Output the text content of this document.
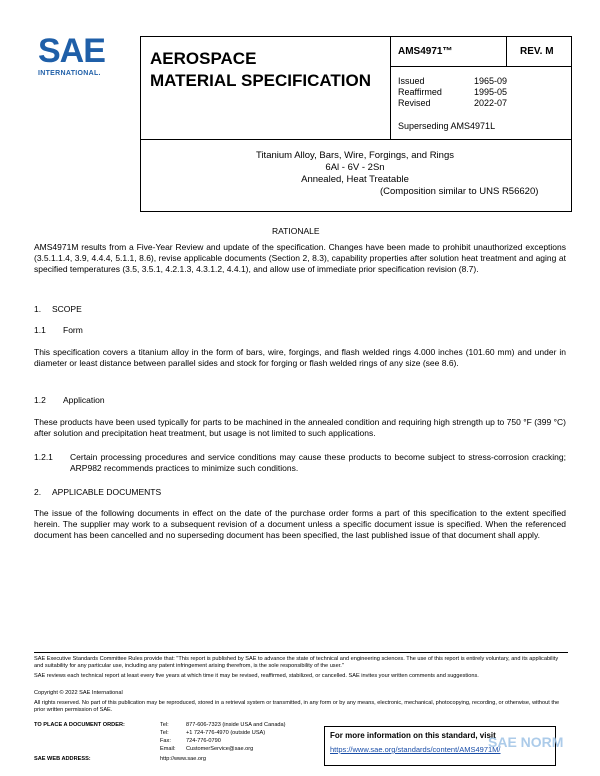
SAE
INTERNATIONAL.
AEROSPACE
MATERIAL SPECIFICATION
AMS4971™	REV. M
Issued	1965-09
Reaffirmed	1995-05
Revised	2022-07
Superseding AMS4971L
Titanium Alloy, Bars, Wire, Forgings, and Rings
6Al - 6V - 2Sn
Annealed, Heat Treatable
(Composition similar to UNS R56620)
RATIONALE
AMS4971M results from a Five-Year Review and update of the specification. Changes have been made to prohibit unauthorized exceptions (3.5.1.1.4, 3.9, 4.4.4, 5.1.1, 8.6), revise applicable documents (Section 2, 8.3), capability properties after solution heat treatment and aging at specified temperatures (3.5, 3.5.1, 4.2.1.3, 4.3.1.2, 4.4.1), and allow use of immediate prior specification revision (8.7).
1. SCOPE
1.1 Form
This specification covers a titanium alloy in the form of bars, wire, forgings, and flash welded rings 4.000 inches (101.60 mm) and under in diameter or least distance between parallel sides and stock for forging or flash welded rings of any size (see 8.6).
1.2 Application
These products have been used typically for parts to be machined in the annealed condition and requiring high strength up to 750 °F (399 °C) after solution and precipitation heat treatment, but usage is not limited to such applications.
1.2.1 Certain processing procedures and service conditions may cause these products to become subject to stress-corrosion cracking; ARP982 recommends practices to minimize such conditions.
2. APPLICABLE DOCUMENTS
The issue of the following documents in effect on the date of the purchase order forms a part of this specification to the extent specified herein. The supplier may work to a subsequent revision of a document unless a specific document issue is specified. When the referenced document has been cancelled and no superseding document has been specified, the last published issue of that document shall apply.
SAE Executive Standards Committee Rules provide that: "This report is published by SAE to advance the state of technical and engineering sciences. The use of this report is entirely voluntary, and its applicability and suitability for any particular use, including any patent infringement arising therefrom, is the sole responsibility of the user."
SAE reviews each technical report at least every five years at which time it may be revised, reaffirmed, stabilized, or cancelled. SAE invites your written comments and suggestions.
Copyright © 2022 SAE International
All rights reserved. No part of this publication may be reproduced, stored in a retrieval system or transmitted, in any form or by any means, electronic, mechanical, photocopying, recording, or otherwise, without the prior written permission of SAE.
TO PLACE A DOCUMENT ORDER:	Tel:	877-606-7323 (inside USA and Canada)
Tel:	+1 724-776-4970 (outside USA)
Fax:	724-776-0790
Email: CustomerService@sae.org
SAE WEB ADDRESS:	http://www.sae.org
For more information on this standard, visit
https://www.sae.org/standards/content/AMS4971M/
SAE NORM
